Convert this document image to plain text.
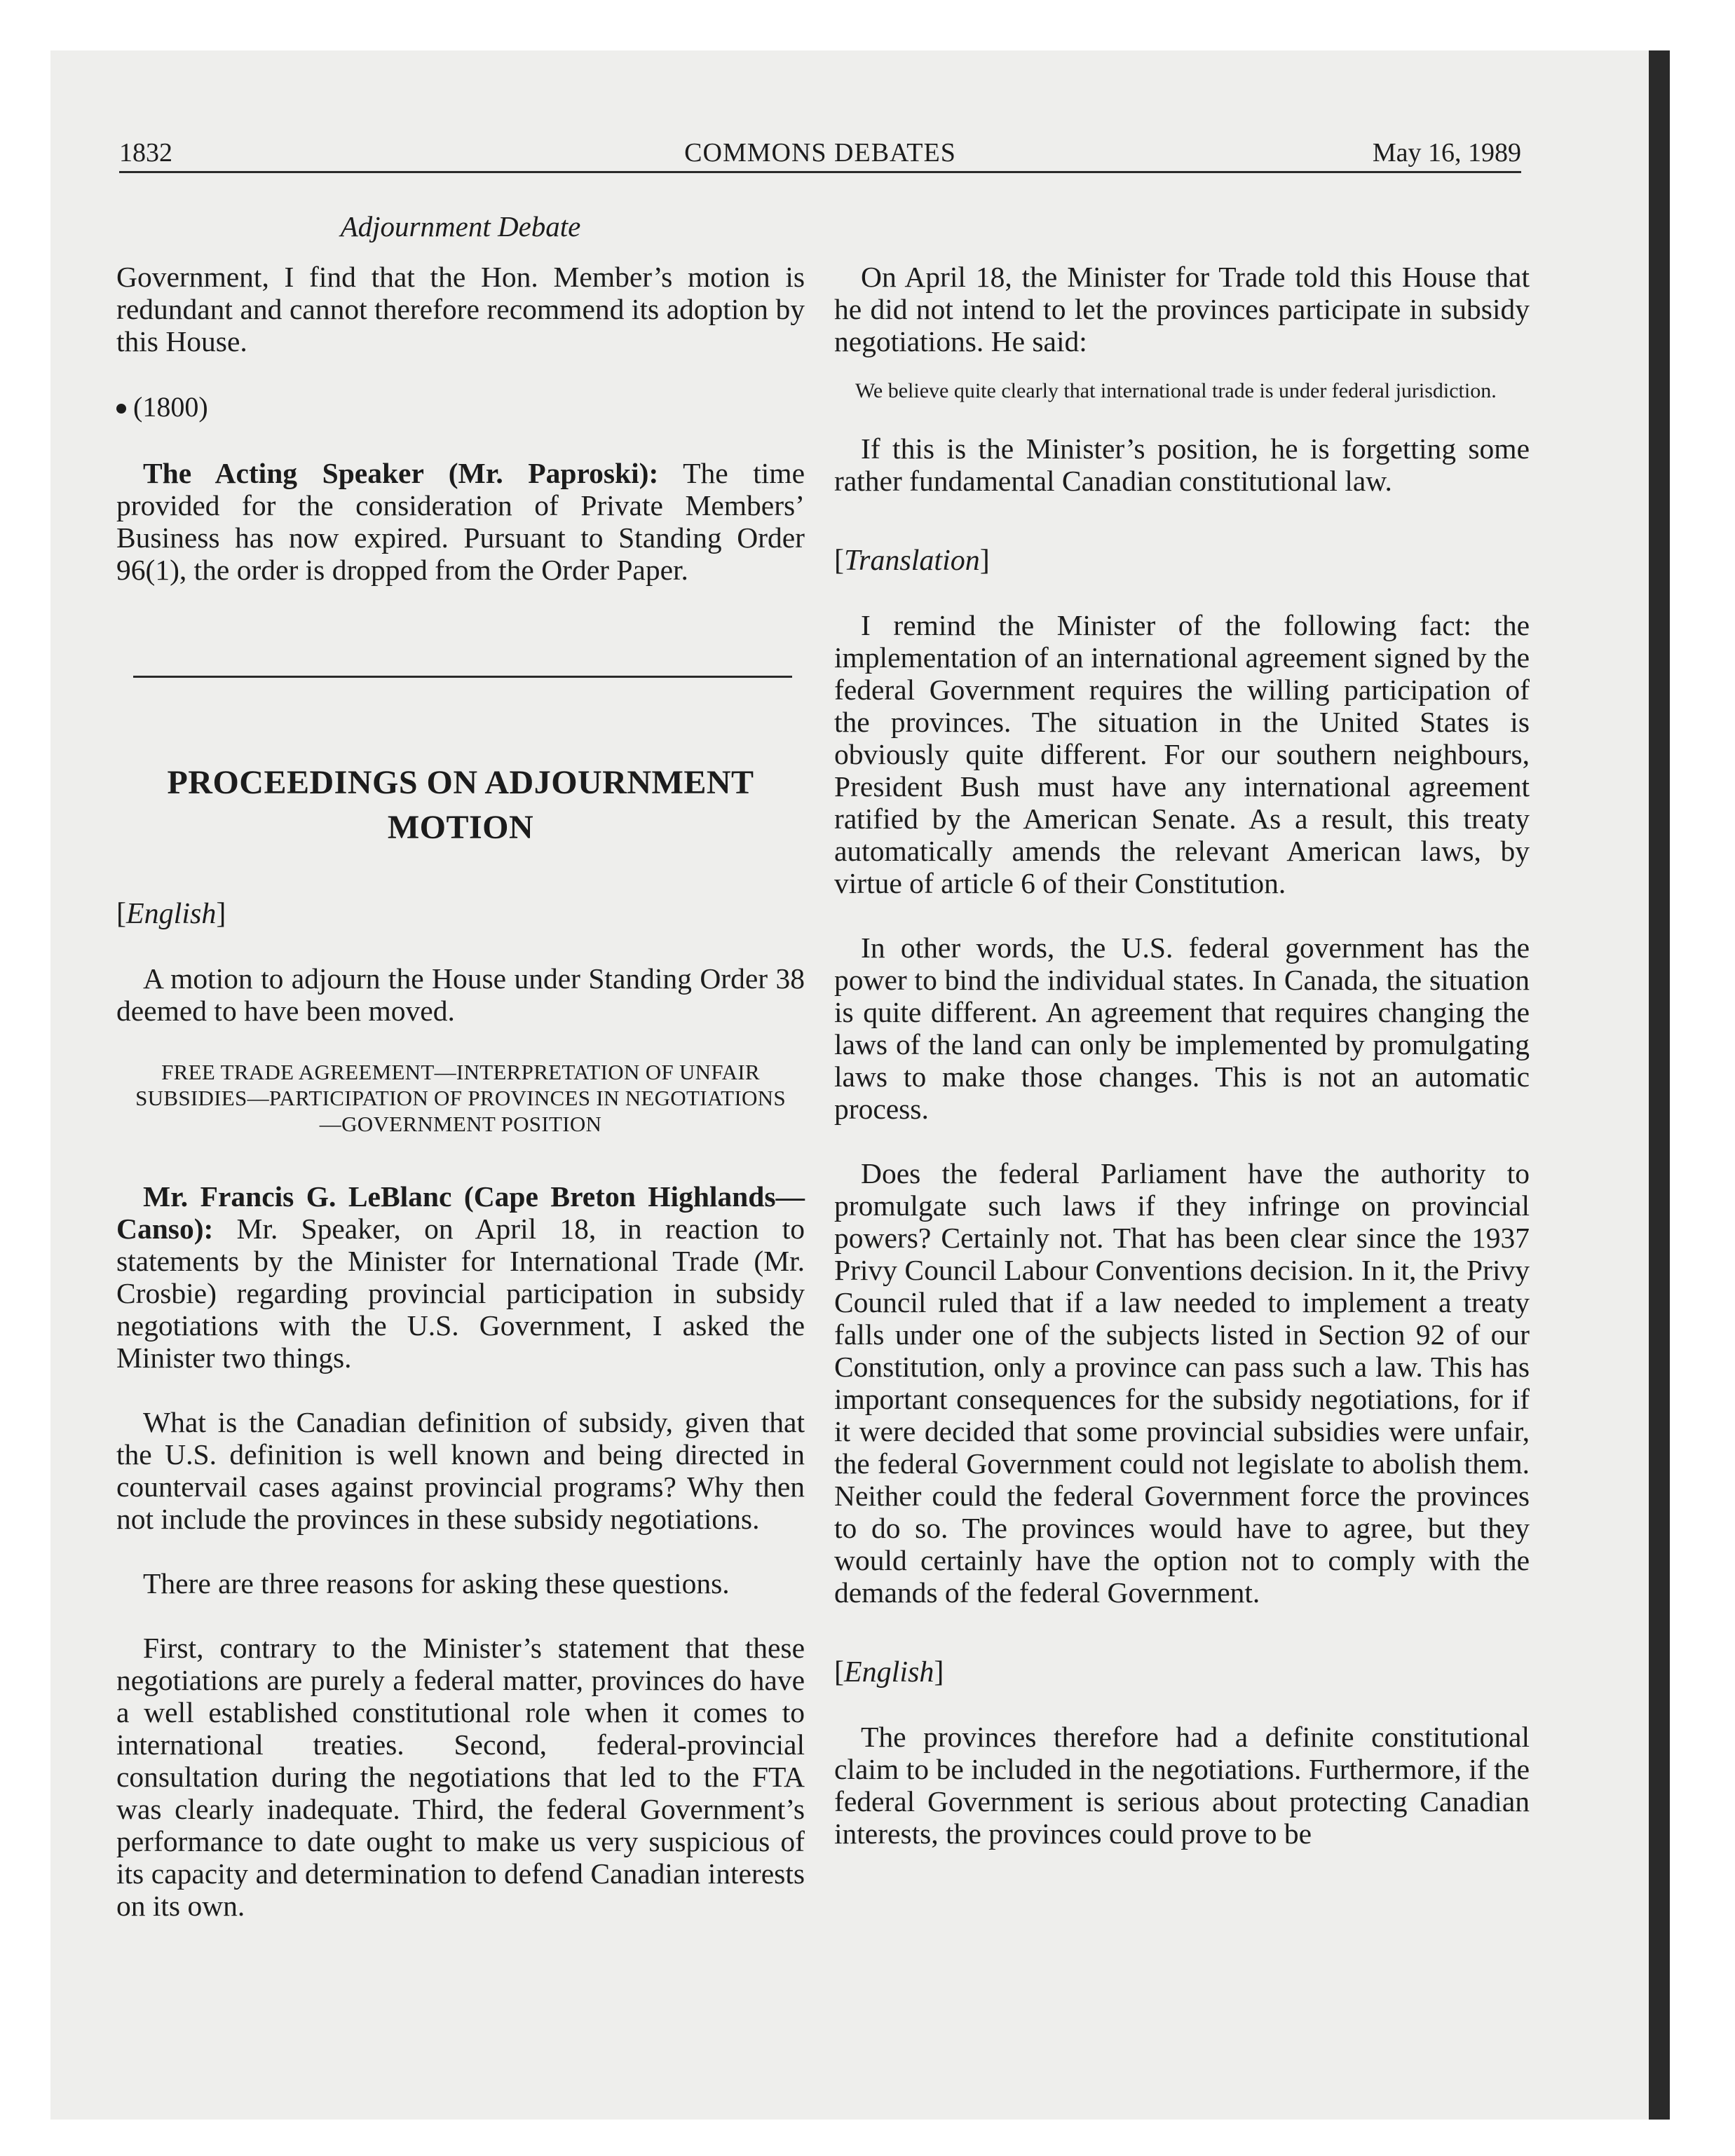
1832	COMMONS DEBATES	May 16, 1989
Adjournment Debate

Government, I find that the Hon. Member’s motion is redundant and cannot therefore recommend its adoption by this House.

(1800)

The Acting Speaker (Mr. Paproski): The time provided for the consideration of Private Members’ Business has now expired. Pursuant to Standing Order 96(1), the order is dropped from the Order Paper.

PROCEEDINGS ON ADJOURNMENT MOTION
[English]

A motion to adjourn the House under Standing Order 38 deemed to have been moved.

FREE TRADE AGREEMENT—INTERPRETATION OF UNFAIR SUBSIDIES—PARTICIPATION OF PROVINCES IN NEGOTIATIONS—GOVERNMENT POSITION

Mr. Francis G. LeBlanc (Cape Breton Highlands—Canso): Mr. Speaker, on April 18, in reaction to statements by the Minister for International Trade (Mr. Crosbie) regarding provincial participation in subsidy negotiations with the U.S. Government, I asked the Minister two things.

What is the Canadian definition of subsidy, given that the U.S. definition is well known and being directed in countervail cases against provincial programs? Why then not include the provinces in these subsidy negotiations.

There are three reasons for asking these questions.

First, contrary to the Minister’s statement that these negotiations are purely a federal matter, provinces do have a well established constitutional role when it comes to international treaties. Second, federal-provincial consultation during the negotiations that led to the FTA was clearly inadequate. Third, the federal Government’s performance to date ought to make us very suspicious of its capacity and determination to defend Canadian interests on its own.

On April 18, the Minister for Trade told this House that he did not intend to let the provinces participate in subsidy negotiations. He said:

We believe quite clearly that international trade is under federal jurisdiction.

If this is the Minister’s position, he is forgetting some rather fundamental Canadian constitutional law.

[Translation]

I remind the Minister of the following fact: the implementation of an international agreement signed by the federal Government requires the willing participation of the provinces. The situation in the United States is obviously quite different. For our southern neighbours, President Bush must have any international agreement ratified by the American Senate. As a result, this treaty automatically amends the relevant American laws, by virtue of article 6 of their Constitution.

In other words, the U.S. federal government has the power to bind the individual states. In Canada, the situation is quite different. An agreement that requires changing the laws of the land can only be implemented by promulgating laws to make those changes. This is not an automatic process.

Does the federal Parliament have the authority to promulgate such laws if they infringe on provincial powers? Certainly not. That has been clear since the 1937 Privy Council Labour Conventions decision. In it, the Privy Council ruled that if a law needed to implement a treaty falls under one of the subjects listed in Section 92 of our Constitution, only a province can pass such a law. This has important consequences for the subsidy negotiations, for if it were decided that some provincial subsidies were unfair, the federal Government could not legislate to abolish them. Neither could the federal Government force the provinces to do so. The provinces would have to agree, but they would certainly have the option not to comply with the demands of the federal Government.

[English]

The provinces therefore had a definite constitutional claim to be included in the negotiations. Furthermore, if the federal Government is serious about protecting Canadian interests, the provinces could prove to be
